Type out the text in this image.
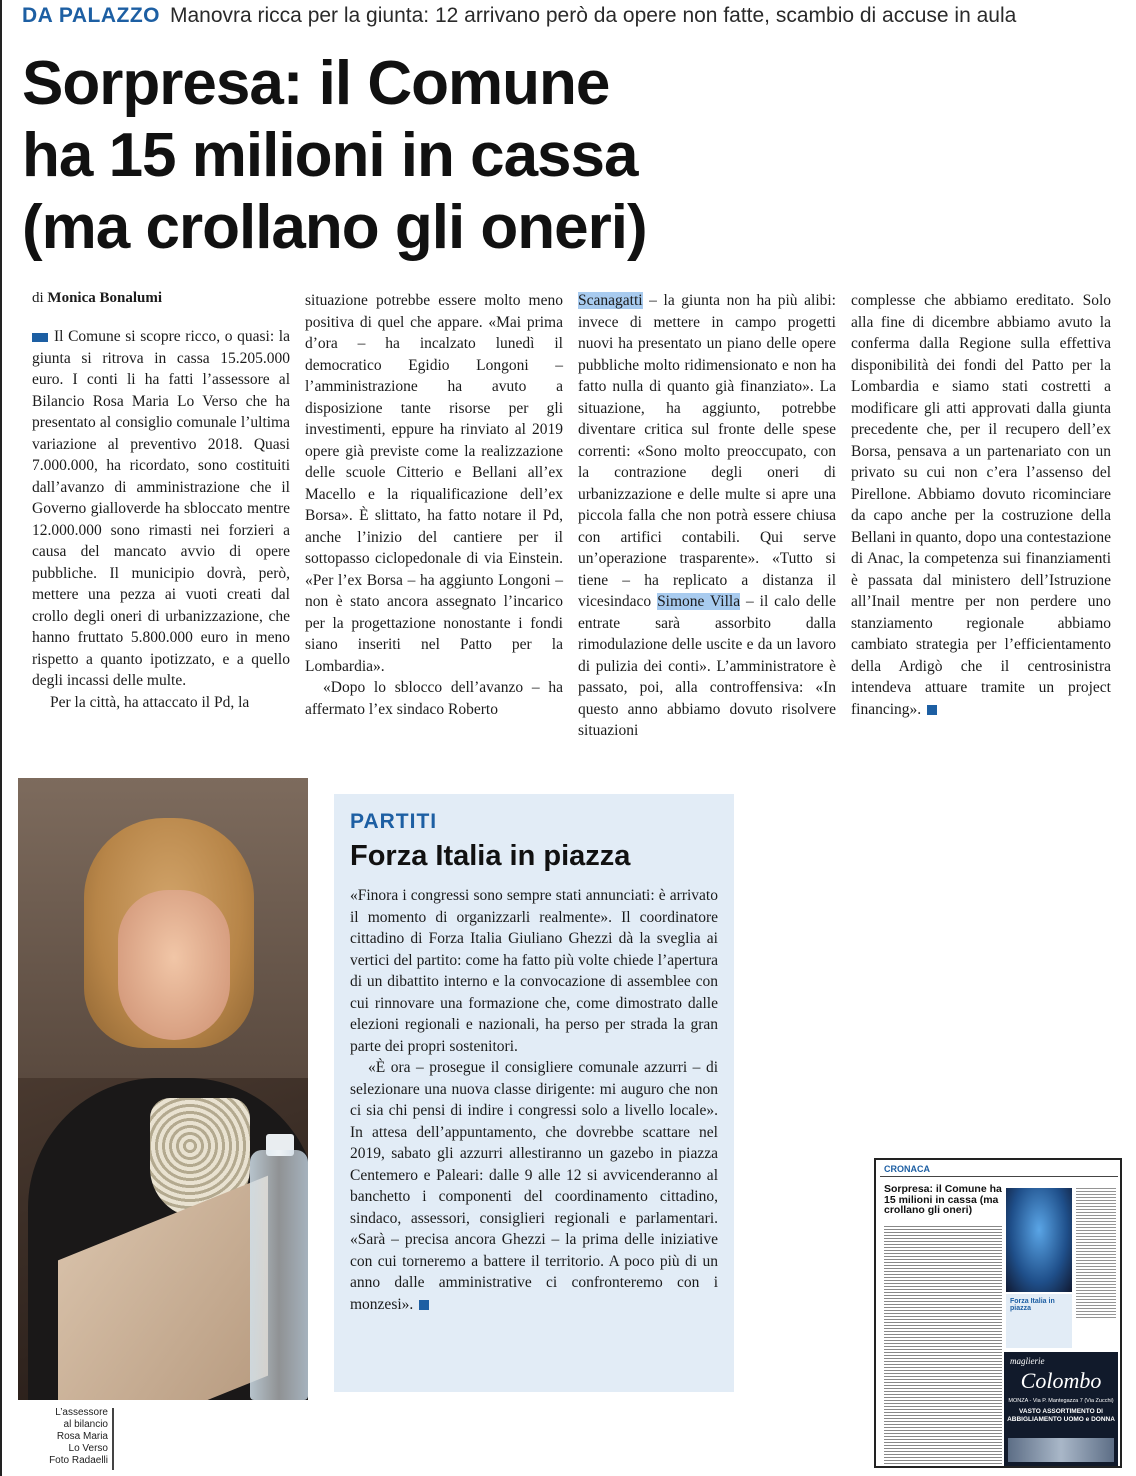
DA PALAZZO Manovra ricca per la giunta: 12 arrivano però da opere non fatte, scambio di accuse in aula
Sorpresa: il Comune
ha 15 milioni in cassa
(ma crollano gli oneri)
di Monica Bonalumi

Il Comune si scopre ricco, o quasi: la giunta si ritrova in cassa 15.205.000 euro. I conti li ha fatti l’assessore al Bilancio Rosa Maria Lo Verso che ha presentato al consiglio comunale l’ultima variazione al preventivo 2018. Quasi 7.000.000, ha ricordato, sono costituiti dall’avanzo di amministrazione che il Governo gialloverde ha sbloccato mentre 12.000.000 sono rimasti nei forzieri a causa del mancato avvio di opere pubbliche. Il municipio dovrà, però, mettere una pezza ai vuoti creati dal crollo degli oneri di urbanizzazione, che hanno fruttato 5.800.000 euro in meno rispetto a quanto ipotizzato, e a quello degli incassi delle multe.

Per la città, ha attaccato il Pd, la

situazione potrebbe essere molto meno positiva di quel che appare. «Mai prima d’ora – ha incalzato lunedì il democratico Egidio Longoni – l’amministrazione ha avuto a disposizione tante risorse per gli investimenti, eppure ha rinviato al 2019 opere già previste come la realizzazione delle scuole Citterio e Bellani all’ex Macello e la riqualificazione dell’ex Borsa». È slittato, ha fatto notare il Pd, anche l’inizio del cantiere per il sottopasso ciclopedonale di via Einstein. «Per l’ex Borsa – ha aggiunto Longoni – non è stato ancora assegnato l’incarico per la progettazione nonostante i fondi siano inseriti nel Patto per la Lombardia».

«Dopo lo sblocco dell’avanzo – ha affermato l’ex sindaco Roberto

Scanagatti – la giunta non ha più alibi: invece di mettere in campo progetti nuovi ha presentato un piano delle opere pubbliche molto ridimensionato e non ha fatto nulla di quanto già finanziato». La situazione, ha aggiunto, potrebbe diventare critica sul fronte delle spese correnti: «Sono molto preoccupato, con la contrazione degli oneri di urbanizzazione e delle multe si apre una piccola falla che non potrà essere chiusa con artifici contabili. Qui serve un’operazione trasparente». «Tutto si tiene – ha replicato a distanza il vicesindaco Simone Villa – il calo delle entrate sarà assorbito dalla rimodulazione delle uscite e da un lavoro di pulizia dei conti». L’amministratore è passato, poi, alla controffensiva: «In questo anno abbiamo dovuto risolvere situazioni

complesse che abbiamo ereditato. Solo alla fine di dicembre abbiamo avuto la conferma dalla Regione sulla effettiva disponibilità dei fondi del Patto per la Lombardia e siamo stati costretti a modificare gli atti approvati dalla giunta precedente che, per il recupero dell’ex Borsa, pensava a un partenariato con un privato su cui non c’era l’assenso del Pirellone. Abbiamo dovuto ricominciare da capo anche per la costruzione della Bellani in quanto, dopo una contestazione di Anac, la competenza sui finanziamenti è passata dal ministero dell’Istruzione all’Inail mentre per non perdere uno stanziamento regionale abbiamo cambiato strategia per l’efficientamento della Ardigò che il centrosinistra intendeva attuare tramite un project financing».

L’assessore
al bilancio
Rosa Maria
Lo Verso
Foto Radaelli
PARTITI
Forza Italia in piazza

«Finora i congressi sono sempre stati annunciati: è arrivato il momento di organizzarli realmente». Il coordinatore cittadino di Forza Italia Giuliano Ghezzi dà la sveglia ai vertici del partito: come ha fatto più volte chiede l’apertura di un dibattito interno e la convocazione di assemblee con cui rinnovare una formazione che, come dimostrato dalle elezioni regionali e nazionali, ha perso per strada la gran parte dei propri sostenitori.

«È ora – prosegue il consigliere comunale azzurri – di selezionare una nuova classe dirigente: mi auguro che non ci sia chi pensi di indire i congressi solo a livello locale». In attesa dell’appuntamento, che dovrebbe scattare nel 2019, sabato gli azzurri allestiranno un gazebo in piazza Centemero e Paleari: dalle 9 alle 12 si avvicenderanno al banchetto i componenti del coordinamento cittadino, sindaco, assessori, consiglieri regionali e parlamentari. «Sarà – precisa ancora Ghezzi – la prima delle iniziative con cui torneremo a battere il territorio. A poco più di un anno dalle amministrative ci confronteremo con i monzesi».

CRONACA
Sorpresa: il Comune ha 15 milioni in cassa (ma crollano gli oneri)
Forza Italia in piazza
maglierie
Colombo
MONZA - Via P. Mantegazza 7 (Via Zucchi)
VASTO ASSORTIMENTO DI ABBIGLIAMENTO UOMO e DONNA
